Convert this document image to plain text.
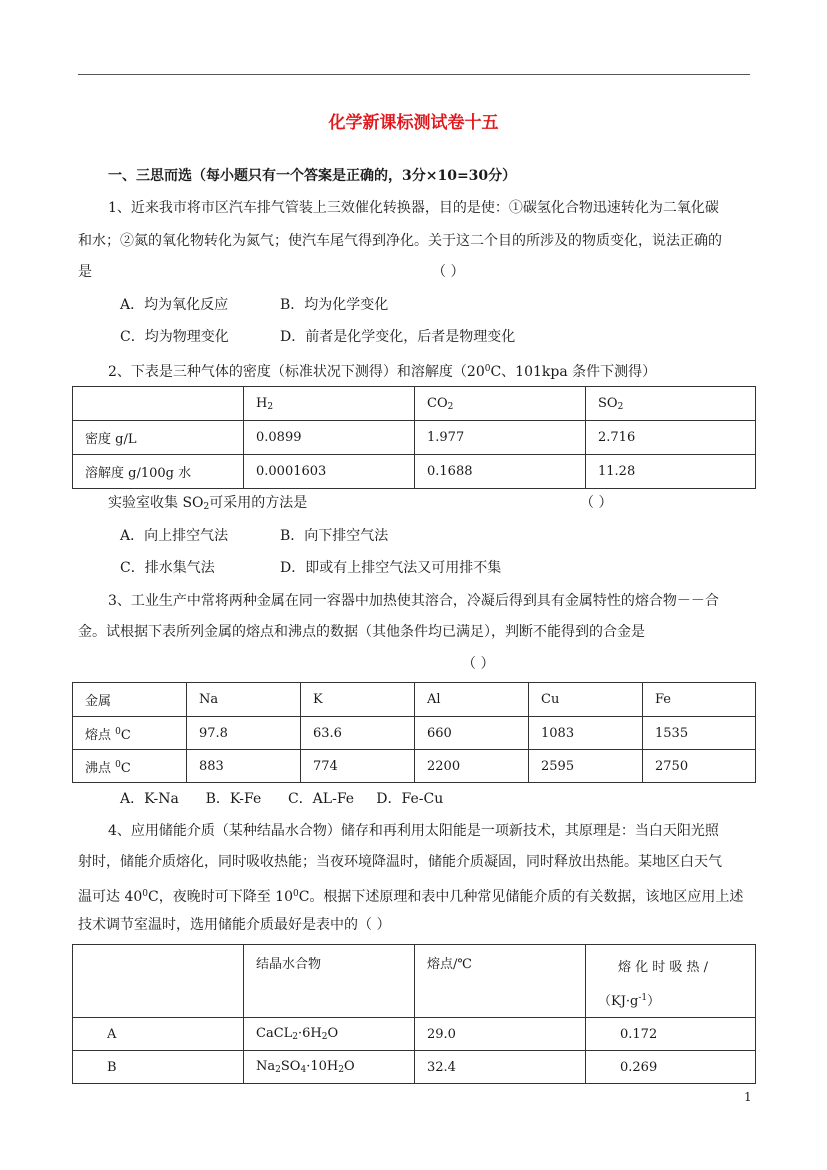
化学新课标测试卷十五
一、三思而选（每小题只有一个答案是正确的，3分×10=30分）

1、近来我市将市区汽车排气管装上三效催化转换器，目的是使：①碳氢化合物迅速转化为二氧化碳

和水；②氮的氧化物转化为氮气；使汽车尾气得到净化。关于这二个目的所涉及的物质变化，说法正确的

是	（ ）

A．均为氧化反应	B．均为化学变化

C．均为物理变化	D．前者是化学变化，后者是物理变化

2、下表是三种气体的密度（标准状况下测得）和溶解度（$20^0C$、101kpa 条件下测得）

	$H_2$	$CO_2$	$SO_2$
密度 g/L	0.0899	1.977	2.716
溶解度 g/100g 水	0.0001603	0.1688	11.28

实验室收集 $SO_2$可采用的方法是	（ ）

A．向上排空气法	B．向下排空气法

C．排水集气法	D．即或有上排空气法又可用排不集

3、工业生产中常将两种金属在同一容器中加热使其溶合，冷凝后得到具有金属特性的熔合物－－合

金。试根据下表所列金属的熔点和沸点的数据（其他条件均已满足），判断不能得到的合金是

（ ）

金属	Na	K	Al	Cu	Fe
熔点 $^0$C	97.8	63.6	660	1083	1535
沸点 $^0$C	883	774	2200	2595	2750

A．K-Na      B．K-Fe      C．AL-Fe     D．Fe-Cu

4、应用储能介质（某种结晶水合物）储存和再利用太阳能是一项新技术，其原理是：当白天阳光照

射时，储能介质熔化，同时吸收热能；当夜环境降温时，储能介质凝固，同时释放出热能。某地区白天气

温可达 $40^0C$，夜晚时可下降至 $10^0C$。根据下述原理和表中几种常见储能介质的有关数据，该地区应用上述

技术调节室温时，选用储能介质最好是表中的（ ）

	结晶水合物	熔点/℃	熔 化 时 吸 热 /
$(KJ\cdot g^{-1})$

A	$CaCL_2\cdot 6H_2O$	29.0	0.172
B	$Na_2SO_4\cdot 10H_2O$	32.4	0.269
1
